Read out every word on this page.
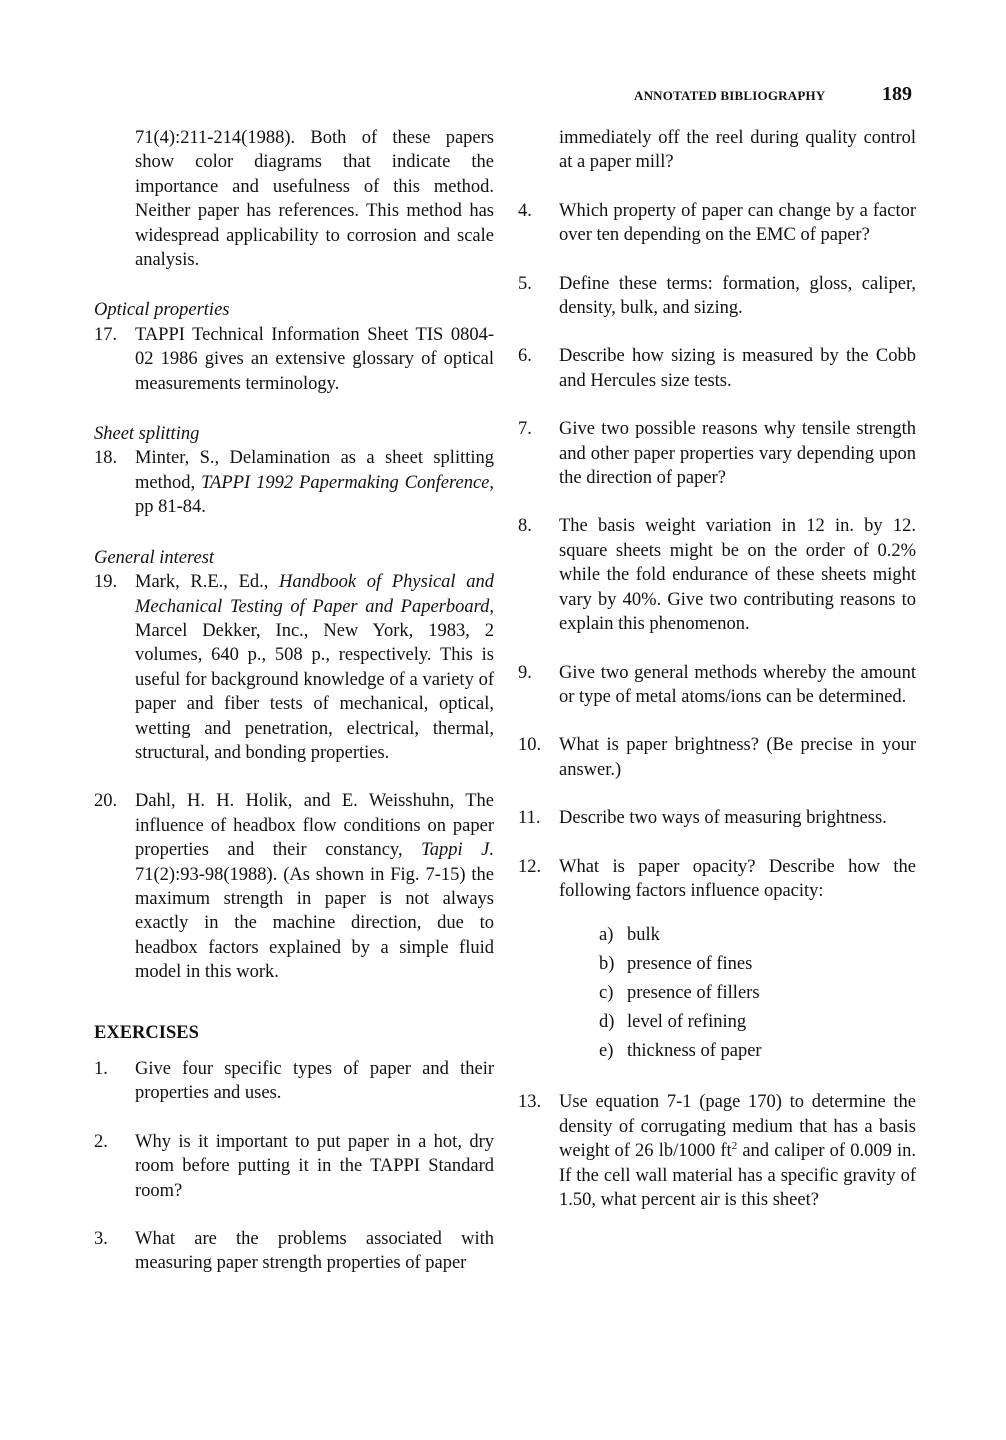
ANNOTATED BIBLIOGRAPHY	189

71(4):211-214(1988). Both of these papers show color diagrams that indicate the importance and usefulness of this method. Neither paper has references. This method has widespread applicability to corrosion and scale analysis.

Optical properties

17. TAPPI Technical Information Sheet TIS 0804-02 1986 gives an extensive glossary of optical measurements terminology.

Sheet splitting

18. Minter, S., Delamination as a sheet splitting method, TAPPI 1992 Papermaking Conference, pp 81-84.

General interest

19. Mark, R.E., Ed., Handbook of Physical and Mechanical Testing of Paper and Paperboard, Marcel Dekker, Inc., New York, 1983, 2 volumes, 640 p., 508 p., respectively. This is useful for background knowledge of a variety of paper and fiber tests of mechanical, optical, wetting and penetration, electrical, thermal, structural, and bonding properties.
20. Dahl, H. H. Holik, and E. Weisshuhn, The influence of headbox flow conditions on paper properties and their constancy, Tappi J. 71(2):93-98(1988). (As shown in Fig. 7-15) the maximum strength in paper is not always exactly in the machine direction, due to headbox factors explained by a simple fluid model in this work.

EXERCISES

1. Give four specific types of paper and their properties and uses.
2. Why is it important to put paper in a hot, dry room before putting it in the TAPPI Standard room?
3. What are the problems associated with measuring paper strength properties of paper

immediately off the reel during quality control at a paper mill?

4. Which property of paper can change by a factor over ten depending on the EMC of paper?
5. Define these terms: formation, gloss, caliper, density, bulk, and sizing.
6. Describe how sizing is measured by the Cobb and Hercules size tests.
7. Give two possible reasons why tensile strength and other paper properties vary depending upon the direction of paper?
8. The basis weight variation in 12 in. by 12. square sheets might be on the order of 0.2% while the fold endurance of these sheets might vary by 40%. Give two contributing reasons to explain this phenomenon.
9. Give two general methods whereby the amount or type of metal atoms/ions can be determined.
10. What is paper brightness? (Be precise in your answer.)
11. Describe two ways of measuring brightness.
12. What is paper opacity? Describe how the following factors influence opacity:
a) bulk
b) presence of fines
c) presence of fillers
d) level of refining
e) thickness of paper
13. Use equation 7-1 (page 170) to determine the density of corrugating medium that has a basis weight of 26 lb/1000 $ft^2$ and caliper of 0.009 in. If the cell wall material has a specific gravity of 1.50, what percent air is this sheet?
